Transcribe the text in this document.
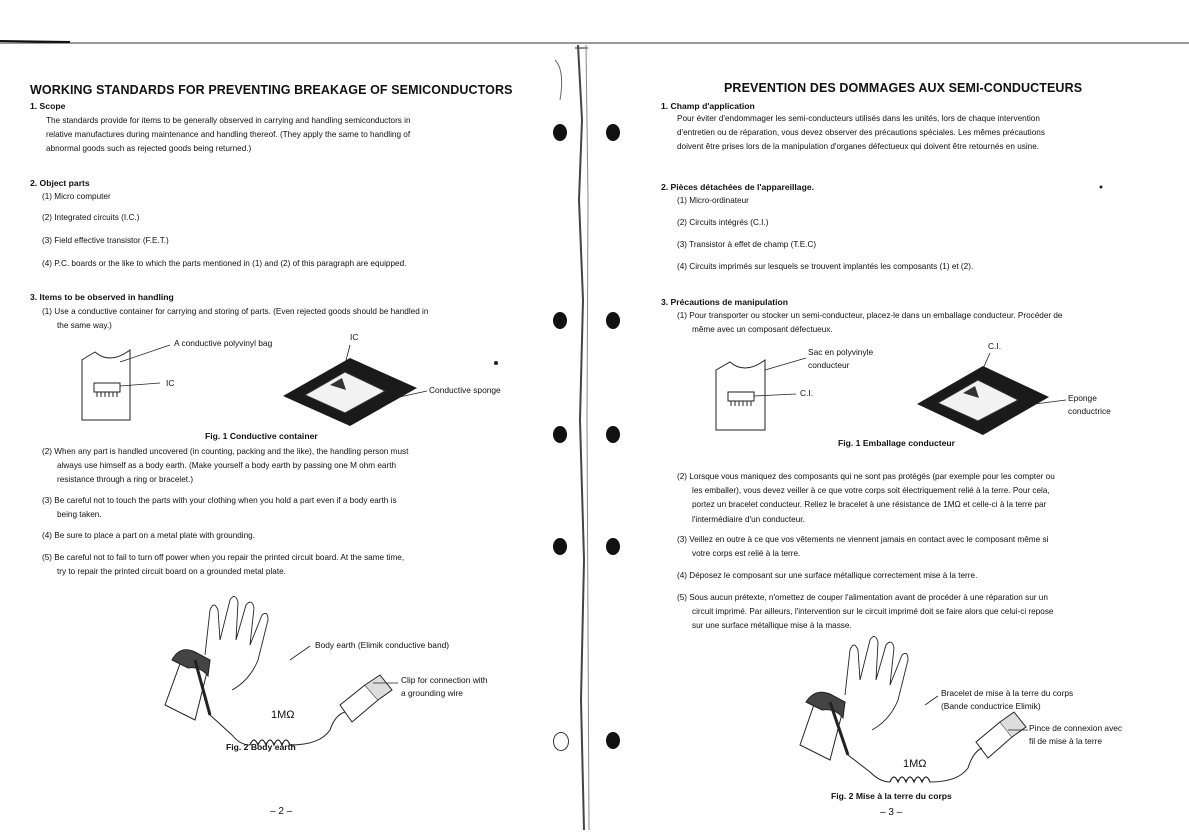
WORKING STANDARDS FOR PREVENTING BREAKAGE OF SEMICONDUCTORS
1. Scope
The standards provide for items to be generally observed in carrying and handling semiconductors in
relative manufactures during maintenance and handling thereof. (They apply the same to handling of
abnormal goods such as rejected goods being returned.)
2. Object parts
(1) Micro computer
(2) Integrated circuits (I.C.)
(3) Field effective transistor (F.E.T.)
(4) P.C. boards or the like to which the parts mentioned in (1) and (2) of this paragraph are equipped.
3. Items to be observed in handling
(1) Use a conductive container for carrying and storing of parts. (Even rejected goods should be handled in
the same way.)
A conductive polyvinyl bag
IC
IC
Conductive sponge
Fig. 1 Conductive container
(2) When any part is handled uncovered (in counting, packing and the like), the handling person must
always use himself as a body earth. (Make yourself a body earth by passing one M ohm earth
resistance through a ring or bracelet.)
(3) Be careful not to touch the parts with your clothing when you hold a part even if a body earth is
being taken.
(4) Be sure to place a part on a metal plate with grounding.
(5) Be careful not to fail to turn off power when you repair the printed circuit board. At the same time,
try to repair the printed circuit board on a grounded metal plate.
Body earth (Elimik conductive band)
Clip for connection with
a grounding wire
1MΩ
Fig. 2 Body earth
– 2 –
PREVENTION DES DOMMAGES AUX SEMI-CONDUCTEURS
1. Champ d'application
Pour éviter d'endommager les semi-conducteurs utilisés dans les unités, lors de chaque intervention
d'entretien ou de réparation, vous devez observer des précautions spéciales. Les mêmes précautions
doivent être prises lors de la manipulation d'organes défectueux qui doivent être retournés en usine.
2. Pièces détachées de l'appareillage.
(1) Micro-ordinateur
(2) Circuits intégrés (C.I.)
(3) Transistor à effet de champ (T.E.C)
(4) Circuits imprimés sur lesquels se trouvent implantés les composants (1) et (2).
3. Précautions de manipulation
(1) Pour transporter ou stocker un semi-conducteur, placez-le dans un emballage conducteur. Procéder de
même avec un composant défectueux.
Sac en polyvinyle
conducteur
C.I.
C.I.
Eponge
conductrice
Fig. 1 Emballage conducteur
(2) Lorsque vous maniquez des composants qui ne sont pas protégés (par exemple pour les compter ou
les emballer), vous devez veiller à ce que votre corps soit électriquement relié à la terre. Pour cela,
portez un bracelet conducteur. Reliez le bracelet à une résistance de 1MΩ et celle-ci à la terre par
l'intermédiaire d'un conducteur.
(3) Veillez en outre à ce que vos vêtements ne viennent jamais en contact avec le composant même si
votre corps est relié à la terre.
(4) Déposez le composant sur une surface métallique correctement mise à la terre.
(5) Sous aucun prétexte, n'omettez de couper l'alimentation avant de procéder à une réparation sur un
circuit imprimé. Par ailleurs, l'intervention sur le circuit imprimé doit se faire alors que celui-ci repose
sur une surface métallique mise à la masse.
Bracelet de mise à la terre du corps
(Bande conductrice Elimik)
Pince de connexion avec
fil de mise à la terre
1MΩ
Fig. 2 Mise à la terre du corps
– 3 –
